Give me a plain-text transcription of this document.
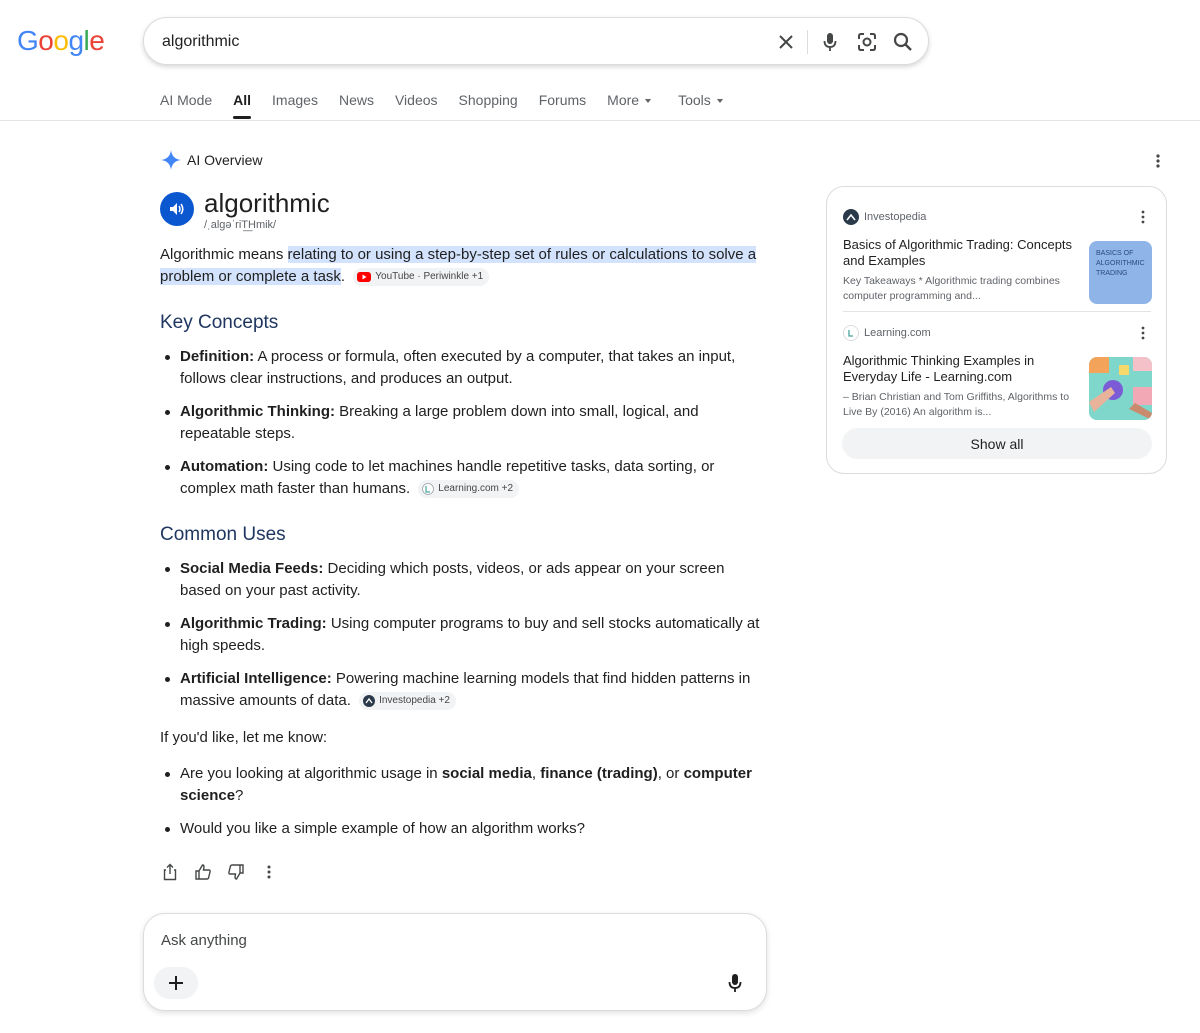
Google	algorithmic
AI Mode All Images News Videos Shopping Forums More	Tools
AI Overview
algorithmic
/ˌalɡəˈriT͟Hmik/
Algorithmic means relating to or using a step-by-step set of rules or calculations to solve a problem or complete a task.	YouTube · Periwinkle +1
Key Concepts
Definition: A process or formula, often executed by a computer, that takes an input, follows clear instructions, and produces an output.
Algorithmic Thinking: Breaking a large problem down into small, logical, and repeatable steps.
Automation: Using code to let machines handle repetitive tasks, data sorting, or complex math faster than humans.	Learning.com +2
Common Uses
Social Media Feeds: Deciding which posts, videos, or ads appear on your screen based on your past activity.
Algorithmic Trading: Using computer programs to buy and sell stocks automatically at high speeds.
Artificial Intelligence: Powering machine learning models that find hidden patterns in massive amounts of data.	Investopedia +2
If you'd like, let me know:
Are you looking at algorithmic usage in social media, finance (trading), or computer science?
Would you like a simple example of how an algorithm works?
Ask anything
Investopedia
Basics of Algorithmic Trading: Concepts and Examples
Key Takeaways * Algorithmic trading combines computer programming and...
BASICS OF ALGORITHMIC TRADING
Learning.com
Algorithmic Thinking Examples in Everyday Life - Learning.com
– Brian Christian and Tom Griffiths, Algorithms to Live By (2016) An algorithm is...
Show all
